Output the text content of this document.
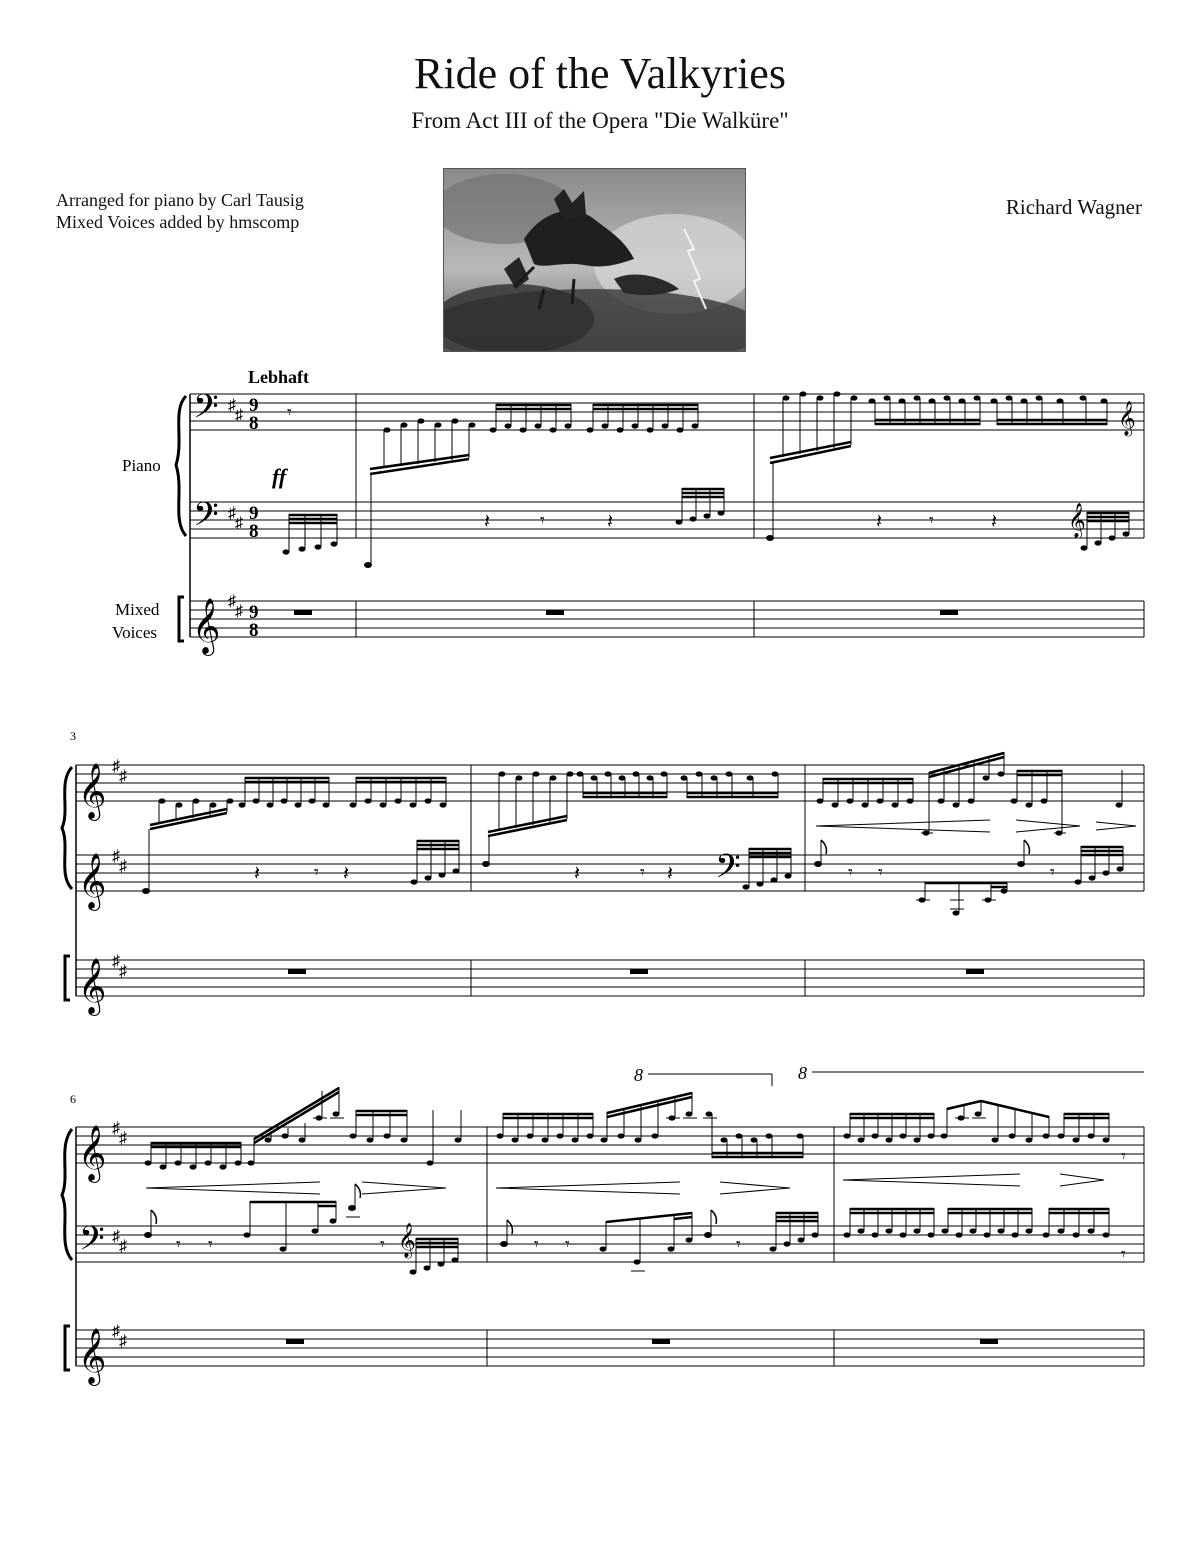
Ride of the Valkyries
From Act III of the Opera "Die Walküre"
Arranged for piano by Carl Tausig
Mixed Voices added by hmscomp
Richard Wagner
𝄢
𝄢
𝄞
♯
♯
♯
♯
♯
♯
9
8
9
8
9
8
Lebhaft
ff
Piano
Mixed
Voices
𝄾
𝄽	𝄾	𝄽
𝄞
𝄽	𝄾	𝄽 𝄞
3
𝄞
𝄞
𝄞
♯
♯
♯
♯
♯
♯
𝄽	𝄾 𝄽	𝄽	𝄾 𝄽 𝄢	𝄾 𝄾	𝄾
6
𝄞
𝄢
𝄞
♯
♯
♯
♯
♯
♯
8	8
𝄾 𝄾	𝄾 𝄞	𝄾 𝄾	𝄾
𝄾
𝄾
